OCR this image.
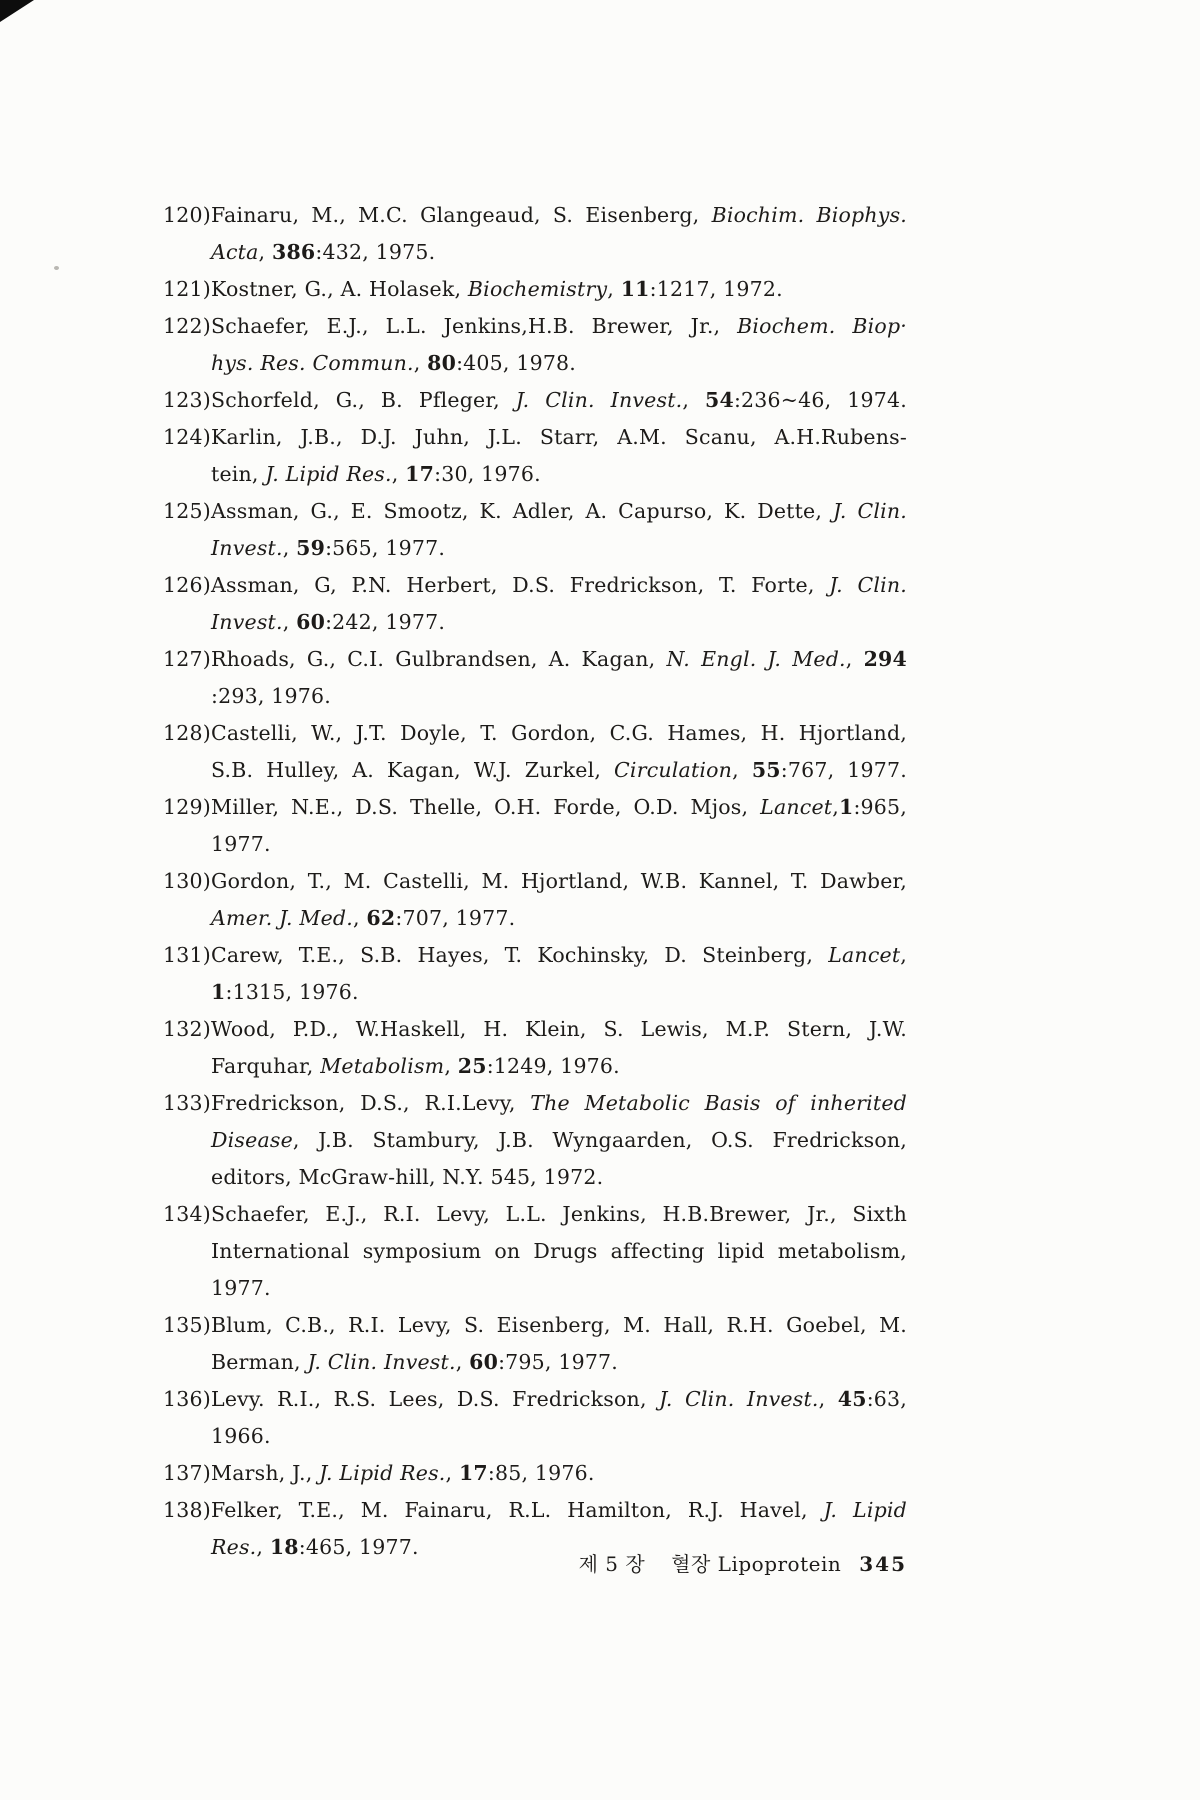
120) Fainaru, M., M.C. Glangeaud, S. Eisenberg, Biochim. Biophys.
Acta, 386:432, 1975.
121) Kostner, G., A. Holasek, Biochemistry, 11:1217, 1972.
122) Schaefer, E.J., L.L. Jenkins,H.B. Brewer, Jr., Biochem. Biop·
hys. Res. Commun., 80:405, 1978.
123) Schorfeld, G., B. Pfleger, J. Clin. Invest., 54:236~46, 1974.
124) Karlin, J.B., D.J. Juhn, J.L. Starr, A.M. Scanu, A.H.Rubens-
tein, J. Lipid Res., 17:30, 1976.
125) Assman, G., E. Smootz, K. Adler, A. Capurso, K. Dette, J. Clin.
Invest., 59:565, 1977.
126) Assman, G, P.N. Herbert, D.S. Fredrickson, T. Forte, J. Clin.
Invest., 60:242, 1977.
127) Rhoads, G., C.I. Gulbrandsen, A. Kagan, N. Engl. J. Med., 294
:293, 1976.
128) Castelli, W., J.T. Doyle, T. Gordon, C.G. Hames, H. Hjortland,
S.B. Hulley, A. Kagan, W.J. Zurkel, Circulation, 55:767, 1977.
129) Miller, N.E., D.S. Thelle, O.H. Forde, O.D. Mjos, Lancet,1:965,
1977.
130) Gordon, T., M. Castelli, M. Hjortland, W.B. Kannel, T. Dawber,
Amer. J. Med., 62:707, 1977.
131) Carew, T.E., S.B. Hayes, T. Kochinsky, D. Steinberg, Lancet,
1:1315, 1976.
132) Wood, P.D., W.Haskell, H. Klein, S. Lewis, M.P. Stern, J.W.
Farquhar, Metabolism, 25:1249, 1976.
133) Fredrickson, D.S., R.I.Levy, The Metabolic Basis of inherited
Disease, J.B. Stambury, J.B. Wyngaarden, O.S. Fredrickson,
editors, McGraw-hill, N.Y. 545, 1972.
134) Schaefer, E.J., R.I. Levy, L.L. Jenkins, H.B.Brewer, Jr., Sixth
International symposium on Drugs affecting lipid metabolism, 1977.
135) Blum, C.B., R.I. Levy, S. Eisenberg, M. Hall, R.H. Goebel, M.
Berman, J. Clin. Invest., 60:795, 1977.
136) Levy. R.I., R.S. Lees, D.S. Fredrickson, J. Clin. Invest., 45:63,
1966.
137) Marsh, J., J. Lipid Res., 17:85, 1976.
138) Felker, T.E., M. Fainaru, R.L. Hamilton, R.J. Havel, J. Lipid
Res., 18:465, 1977.
제 5 장 혈장 Lipoprotein 345
